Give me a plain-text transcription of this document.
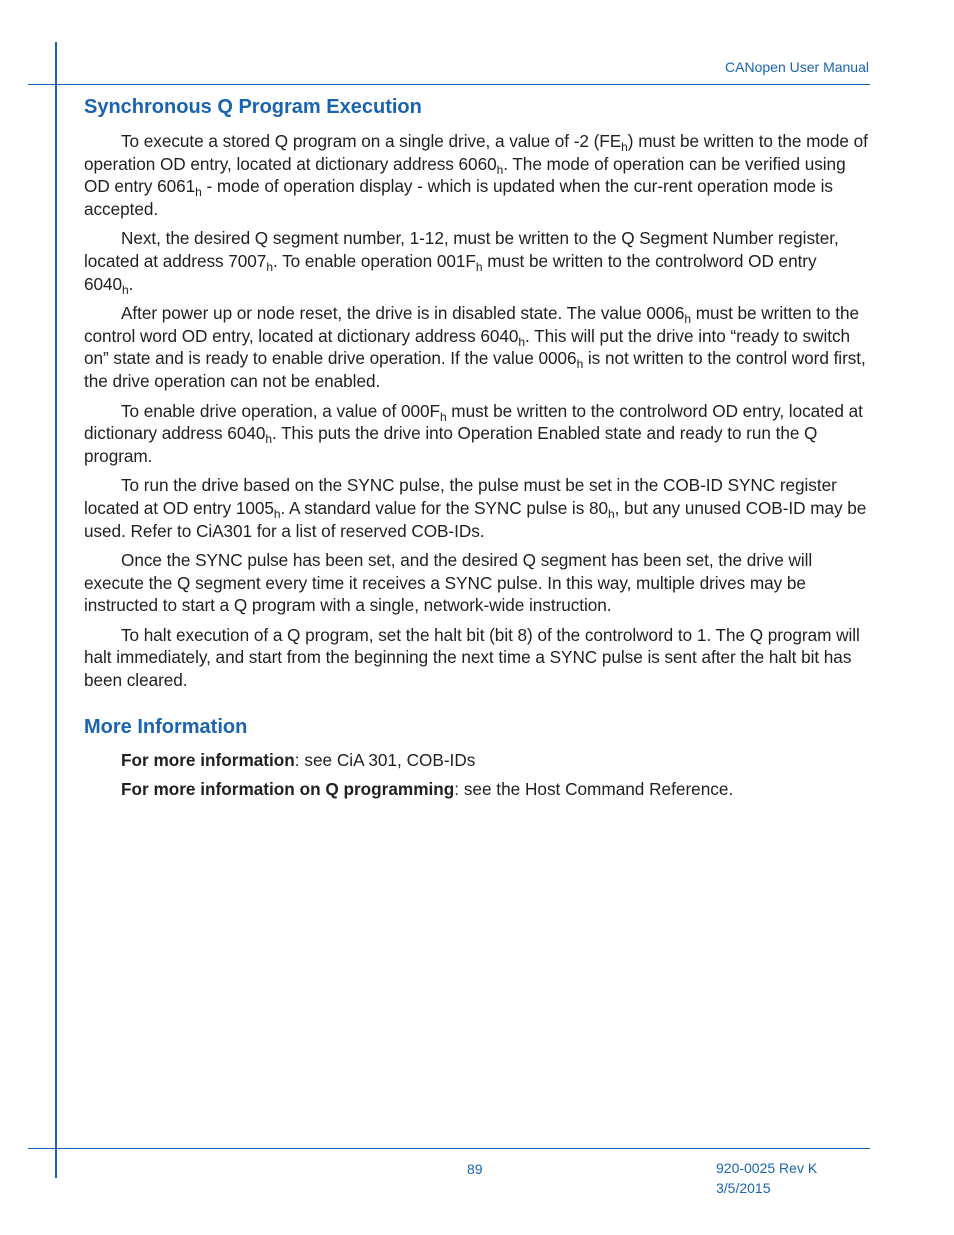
CANopen User Manual
Synchronous Q Program Execution

To execute a stored Q program on a single drive, a value of -2 $(FE_h)$ must be written to the mode of operation OD entry, located at dictionary address $6060_h$. The mode of operation can be verified using OD entry $6061_h$ - mode of operation display - which is updated when the cur-rent operation mode is accepted.

Next, the desired Q segment number, 1-12, must be written to the Q Segment Number register, located at address $7007_h$. To enable operation $001F_h$ must be written to the controlword OD entry $6040_h$.

After power up or node reset, the drive is in disabled state. The value $0006_h$ must be written to the control word OD entry, located at dictionary address $6040_h$. This will put the drive into “ready to switch on” state and is ready to enable drive operation. If the value $0006_h$ is not written to the control word first, the drive operation can not be enabled.

To enable drive operation, a value of $000F_h$ must be written to the controlword OD entry, located at dictionary address $6040_h$. This puts the drive into Operation Enabled state and ready to run the Q program.

To run the drive based on the SYNC pulse, the pulse must be set in the COB-ID SYNC register located at OD entry $1005_h$. A standard value for the SYNC pulse is $80_h$, but any unused COB-ID may be used. Refer to CiA301 for a list of reserved COB-IDs.

Once the SYNC pulse has been set, and the desired Q segment has been set, the drive will execute the Q segment every time it receives a SYNC pulse. In this way, multiple drives may be instructed to start a Q program with a single, network-wide instruction.

To halt execution of a Q program, set the halt bit (bit 8) of the controlword to 1. The Q program will halt immediately, and start from the beginning the next time a SYNC pulse is sent after the halt bit has been cleared.

More Information
For more information: see CiA 301, COB-IDs
For more information on Q programming: see the Host Command Reference.
89	920-0025 Rev K
3/5/2015
